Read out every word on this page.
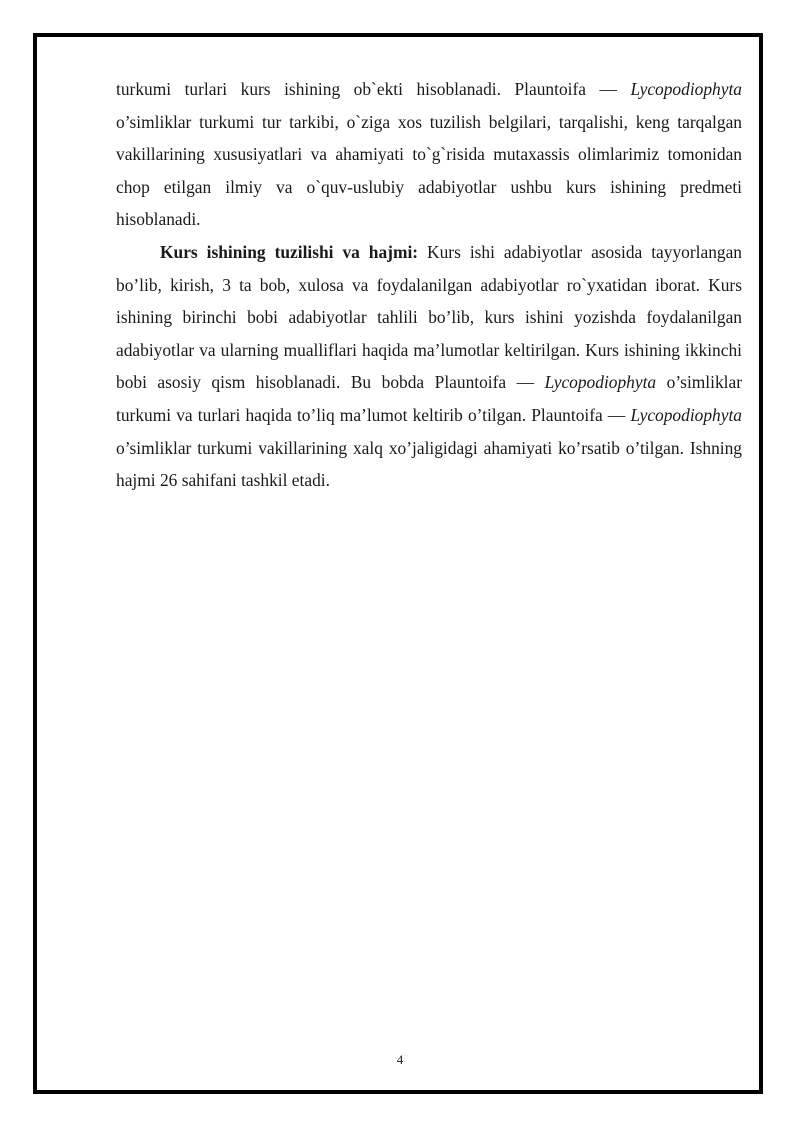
turkumi turlari kurs ishining ob`ekti hisoblanadi. Plauntoifa — Lycopodiophyta o’simliklar turkumi tur tarkibi, o`ziga xos tuzilish belgilari, tarqalishi, keng tarqalgan vakillarining xususiyatlari va ahamiyati to`g`risida mutaxassis olimlarimiz tomonidan chop etilgan ilmiy va o`quv-uslubiy adabiyotlar ushbu kurs ishining predmeti hisoblanadi.

Kurs ishining tuzilishi va hajmi: Kurs ishi adabiyotlar asosida tayyorlangan bo’lib, kirish, 3 ta bob, xulosa va foydalanilgan adabiyotlar ro`yxatidan iborat. Kurs ishining birinchi bobi adabiyotlar tahlili bo’lib, kurs ishini yozishda foydalanilgan adabiyotlar va ularning mualliflari haqida ma’lumotlar keltirilgan. Kurs ishining ikkinchi bobi asosiy qism hisoblanadi. Bu bobda Plauntoifa — Lycopodiophyta o’simliklar turkumi va turlari haqida to’liq ma’lumot keltirib o’tilgan. Plauntoifa — Lycopodiophyta o’simliklar turkumi vakillarining xalq xo’jaligidagi ahamiyati ko’rsatib o’tilgan. Ishning hajmi 26 sahifani tashkil etadi.

4
